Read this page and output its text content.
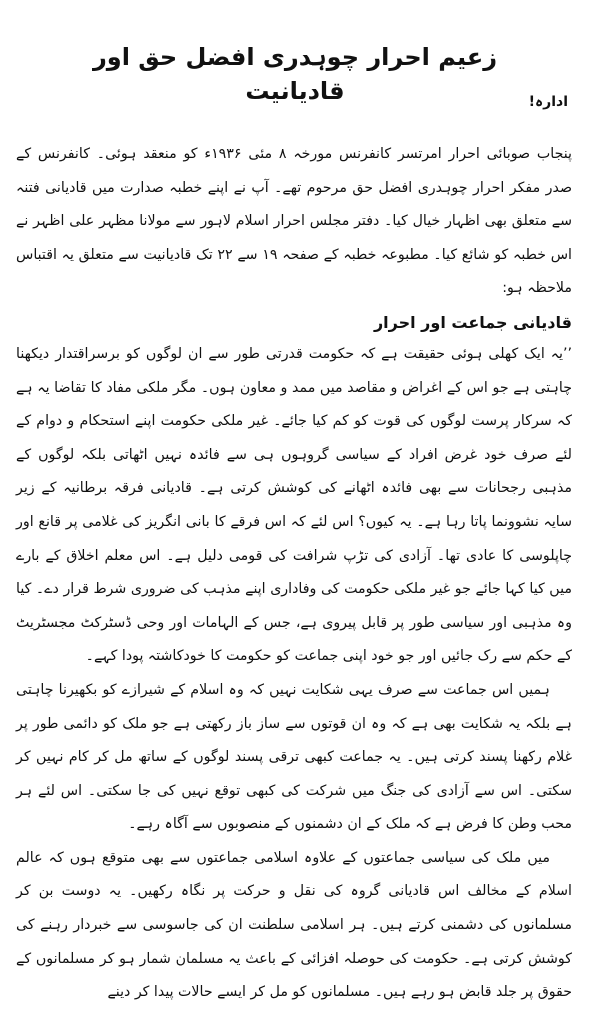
زعیم احرار چوہدری افضل حق اور قادیانیت	ادارہ!

پنجاب صوبائی احرار امرتسر کانفرنس مورخہ ۸ مئی ۱۹۳۶ء کو منعقد ہوئی۔ کانفرنس کے صدر مفکر احرار چوہدری افضل حق مرحوم تھے۔ آپ نے اپنے خطبہ صدارت میں قادیانی فتنہ سے متعلق بھی اظہار خیال کیا۔ دفتر مجلس احرار اسلام لاہور سے مولانا مظہر علی اظہر نے اس خطبہ کو شائع کیا۔ مطبوعہ خطبہ کے صفحہ ۱۹ سے ۲۲ تک قادیانیت سے متعلق یہ اقتباس ملاحظہ ہو:

قادیانی جماعت اور احرار

’’یہ ایک کھلی ہوئی حقیقت ہے کہ حکومت قدرتی طور سے ان لوگوں کو برسراقتدار دیکھنا چاہتی ہے جو اس کے اغراض و مقاصد میں ممد و معاون ہوں۔ مگر ملکی مفاد کا تقاضا یہ ہے کہ سرکار پرست لوگوں کی قوت کو کم کیا جائے۔ غیر ملکی حکومت اپنے استحکام و دوام کے لئے صرف خود غرض افراد کے سیاسی گروہوں ہی سے فائدہ نہیں اٹھاتی بلکہ لوگوں کے مذہبی رجحانات سے بھی فائدہ اٹھانے کی کوشش کرتی ہے۔ قادیانی فرقہ برطانیہ کے زیر سایہ نشوونما پاتا رہا ہے۔ یہ کیوں؟ اس لئے کہ اس فرقے کا بانی انگریز کی غلامی پر قانع اور چاپلوسی کا عادی تھا۔ آزادی کی تڑپ شرافت کی قومی دلیل ہے۔ اس معلم اخلاق کے بارے میں کیا کہا جائے جو غیر ملکی حکومت کی وفاداری اپنے مذہب کی ضروری شرط قرار دے۔ کیا وہ مذہبی اور سیاسی طور پر قابل پیروی ہے، جس کے الہامات اور وحی ڈسٹرکٹ مجسٹریٹ کے حکم سے رک جائیں اور جو خود اپنی جماعت کو حکومت کا خودکاشتہ پودا کہے۔

ہمیں اس جماعت سے صرف یہی شکایت نہیں کہ وہ اسلام کے شیرازے کو بکھیرنا چاہتی ہے بلکہ یہ شکایت بھی ہے کہ وہ ان قوتوں سے ساز باز رکھتی ہے جو ملک کو دائمی طور پر غلام رکھنا پسند کرتی ہیں۔ یہ جماعت کبھی ترقی پسند لوگوں کے ساتھ مل کر کام نہیں کر سکتی۔ اس سے آزادی کی جنگ میں شرکت کی کبھی توقع نہیں کی جا سکتی۔ اس لئے ہر محب وطن کا فرض ہے کہ ملک کے ان دشمنوں کے منصوبوں سے آگاہ رہے۔

میں ملک کی سیاسی جماعتوں کے علاوہ اسلامی جماعتوں سے بھی متوقع ہوں کہ عالم اسلام کے مخالف اس قادیانی گروہ کی نقل و حرکت پر نگاہ رکھیں۔ یہ دوست بن کر مسلمانوں کی دشمنی کرتے ہیں۔ ہر اسلامی سلطنت ان کی جاسوسی سے خبردار رہنے کی کوشش کرتی ہے۔ حکومت کی حوصلہ افزائی کے باعث یہ مسلمان شمار ہو کر مسلمانوں کے حقوق پر جلد قابض ہو رہے ہیں۔ مسلمانوں کو مل کر ایسے حالات پیدا کر دینے
